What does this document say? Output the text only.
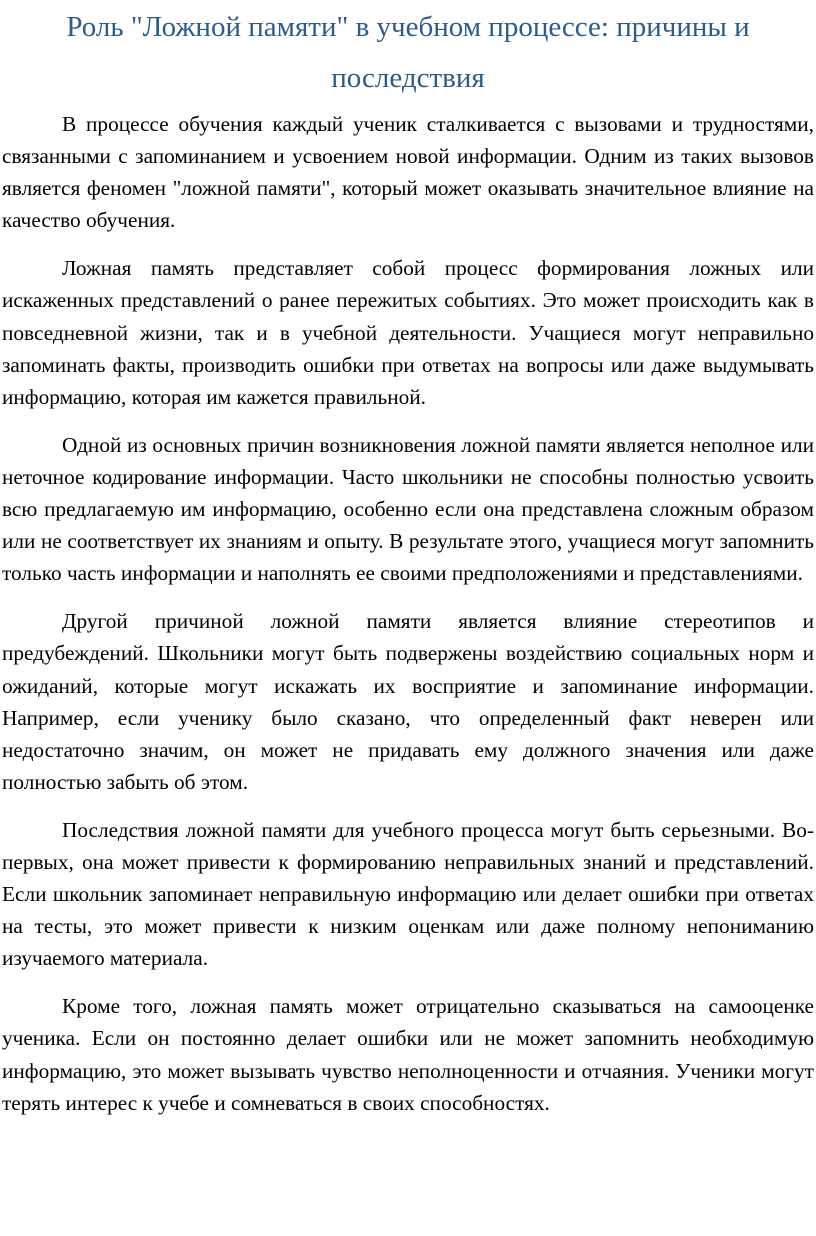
Роль "Ложной памяти" в учебном процессе: причины и последствия

В процессе обучения каждый ученик сталкивается с вызовами и трудностями, связанными с запоминанием и усвоением новой информации. Одним из таких вызовов является феномен "ложной памяти", который может оказывать значительное влияние на качество обучения.

Ложная память представляет собой процесс формирования ложных или искаженных представлений о ранее пережитых событиях. Это может происходить как в повседневной жизни, так и в учебной деятельности. Учащиеся могут неправильно запоминать факты, производить ошибки при ответах на вопросы или даже выдумывать информацию, которая им кажется правильной.

Одной из основных причин возникновения ложной памяти является неполное или неточное кодирование информации. Часто школьники не способны полностью усвоить всю предлагаемую им информацию, особенно если она представлена сложным образом или не соответствует их знаниям и опыту. В результате этого, учащиеся могут запомнить только часть информации и наполнять ее своими предположениями и представлениями.

Другой причиной ложной памяти является влияние стереотипов и предубеждений. Школьники могут быть подвержены воздействию социальных норм и ожиданий, которые могут искажать их восприятие и запоминание информации. Например, если ученику было сказано, что определенный факт неверен или недостаточно значим, он может не придавать ему должного значения или даже полностью забыть об этом.

Последствия ложной памяти для учебного процесса могут быть серьезными. Во-первых, она может привести к формированию неправильных знаний и представлений. Если школьник запоминает неправильную информацию или делает ошибки при ответах на тесты, это может привести к низким оценкам или даже полному непониманию изучаемого материала.

Кроме того, ложная память может отрицательно сказываться на самооценке ученика. Если он постоянно делает ошибки или не может запомнить необходимую информацию, это может вызывать чувство неполноценности и отчаяния. Ученики могут терять интерес к учебе и сомневаться в своих способностях.
